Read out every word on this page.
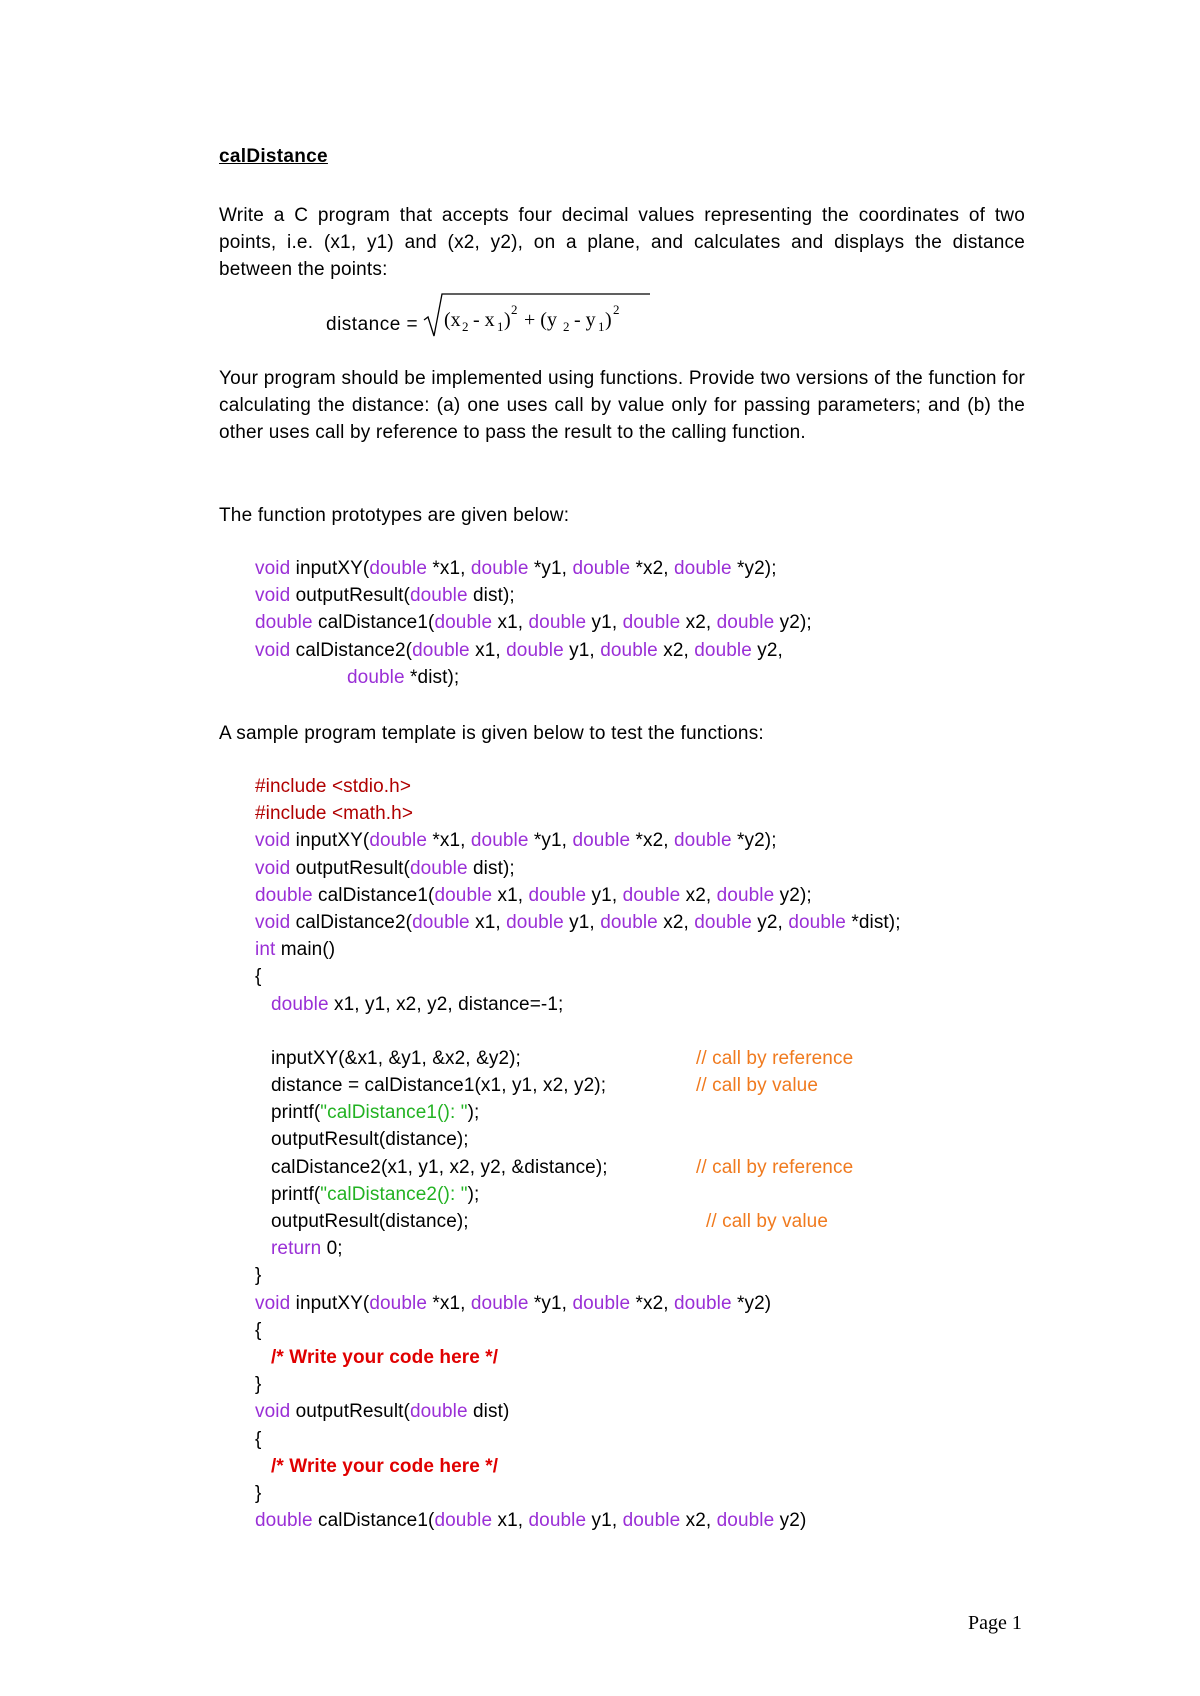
calDistance
Write a C program that accepts four decimal values representing the coordinates of two points, i.e. (x1, y1) and (x2, y2), on a plane, and calculates and displays the distance between the points:
distance = (x 2 - x 1 ) 2 + (y 2 - y 1 ) 2
Your program should be implemented using functions. Provide two versions of the function for calculating the distance: (a) one uses call by value only for passing parameters; and (b) the other uses call by reference to pass the result to the calling function.
The function prototypes are given below:
void inputXY(double *x1, double *y1, double *x2, double *y2);
void outputResult(double dist);
double calDistance1(double x1, double y1, double x2, double y2);
void calDistance2(double x1, double y1, double x2, double y2,
double *dist);
A sample program template is given below to test the functions:
#include <stdio.h>
#include <math.h>
void inputXY(double *x1, double *y1, double *x2, double *y2);
void outputResult(double dist);
double calDistance1(double x1, double y1, double x2, double y2);
void calDistance2(double x1, double y1, double x2, double y2, double *dist);
int main()
{
double x1, y1, x2, y2, distance=-1;

inputXY(&x1, &y1, &x2, &y2);	// call by reference
distance = calDistance1(x1, y1, x2, y2);	// call by value
printf("calDistance1(): ");
outputResult(distance);
calDistance2(x1, y1, x2, y2, &distance);	// call by reference
printf("calDistance2(): ");
outputResult(distance);	// call by value
return 0;
}
void inputXY(double *x1, double *y1, double *x2, double *y2)
{
/* Write your code here */
}
void outputResult(double dist)
{
/* Write your code here */
}
double calDistance1(double x1, double y1, double x2, double y2)
Page 1
